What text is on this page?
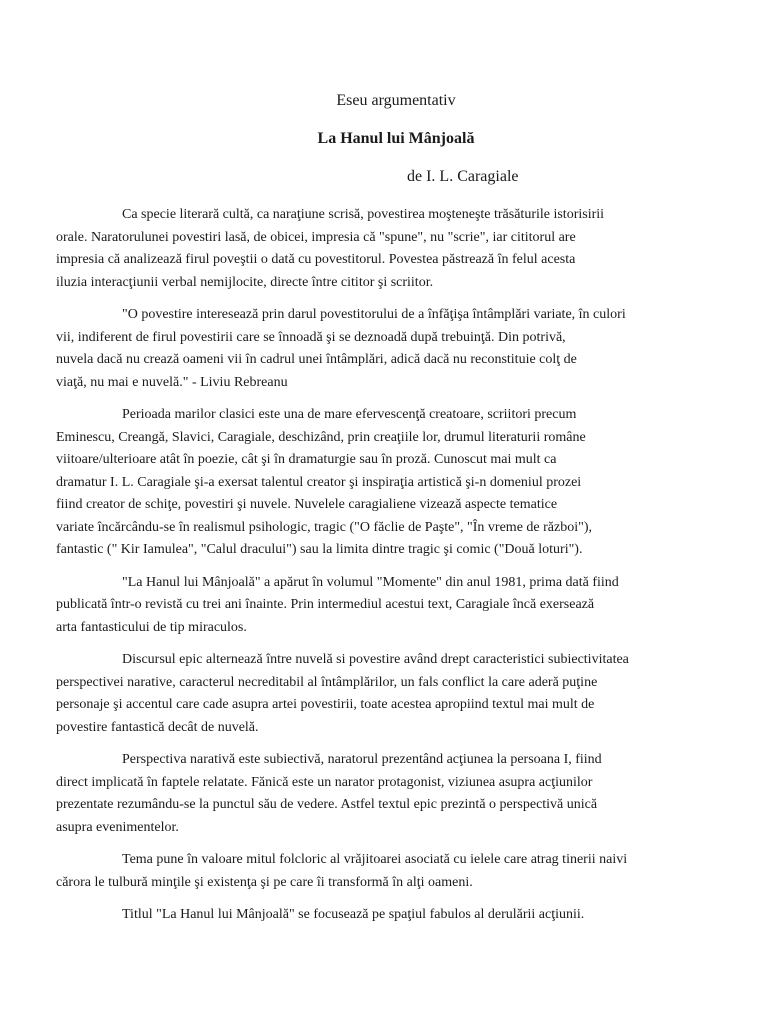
Eseu argumentativ
La Hanul lui Mânjoală

de I. L. Caragiale

Ca specie literară cultă, ca naraţiune scrisă, povestirea moşteneşte trăsăturile istorisirii
orale. Naratorulunei povestiri lasă, de obicei, impresia că "spune", nu "scrie", iar cititorul are
impresia că analizează firul poveştii o dată cu povestitorul. Povestea păstrează în felul acesta
iluzia interacţiunii verbal nemijlocite, directe între cititor şi scriitor.

"O povestire interesează prin darul povestitorului de a înfăţişa întâmplări variate, în culori
vii, indiferent de firul povestirii care se înnoadă şi se deznoadă după trebuinţă. Din potrivă,
nuvela dacă nu crează oameni vii în cadrul unei întâmplări, adică dacă nu reconstituie colţ de
viaţă, nu mai e nuvelă." - Liviu Rebreanu

Perioada marilor clasici este una de mare efervescenţă creatoare, scriitori precum
Eminescu, Creangă, Slavici, Caragiale, deschizând, prin creaţiile lor, drumul literaturii române
viitoare/ulterioare atât în poezie, cât şi în dramaturgie sau în proză. Cunoscut mai mult ca
dramatur I. L. Caragiale şi-a exersat talentul creator şi inspiraţia artistică şi-n domeniul prozei
fiind creator de schiţe, povestiri şi nuvele. Nuvelele caragialiene vizează aspecte tematice
variate încărcându-se în realismul psihologic, tragic ("O făclie de Paşte", "În vreme de război"),
fantastic (" Kir Iamulea", "Calul dracului") sau la limita dintre tragic şi comic ("Două loturi").

"La Hanul lui Mânjoală" a apărut în volumul "Momente" din anul 1981, prima dată fiind
publicată într-o revistă cu trei ani înainte. Prin intermediul acestui text, Caragiale încă exersează
arta fantasticului de tip miraculos.

Discursul epic alternează între nuvelă si povestire având drept caracteristici subiectivitatea
perspectivei narative, caracterul necreditabil al întâmplărilor, un fals conflict la care aderă puţine
personaje şi accentul care cade asupra artei povestirii, toate acestea apropiind textul mai mult de
povestire fantastică decât de nuvelă.

Perspectiva narativă este subiectivă, naratorul prezentând acţiunea la persoana I, fiind
direct implicată în faptele relatate. Fănică este un narator protagonist, viziunea asupra acţiunilor
prezentate rezumându-se la punctul său de vedere. Astfel textul epic prezintă o perspectivă unică
asupra evenimentelor.

Tema pune în valoare mitul folcloric al vrăjitoarei asociată cu ielele care atrag tinerii naivi
cărora le tulbură minţile şi existenţa şi pe care îi transformă în alţi oameni.

Titlul "La Hanul lui Mânjoală" se focusează pe spaţiul fabulos al derulării acţiunii.
